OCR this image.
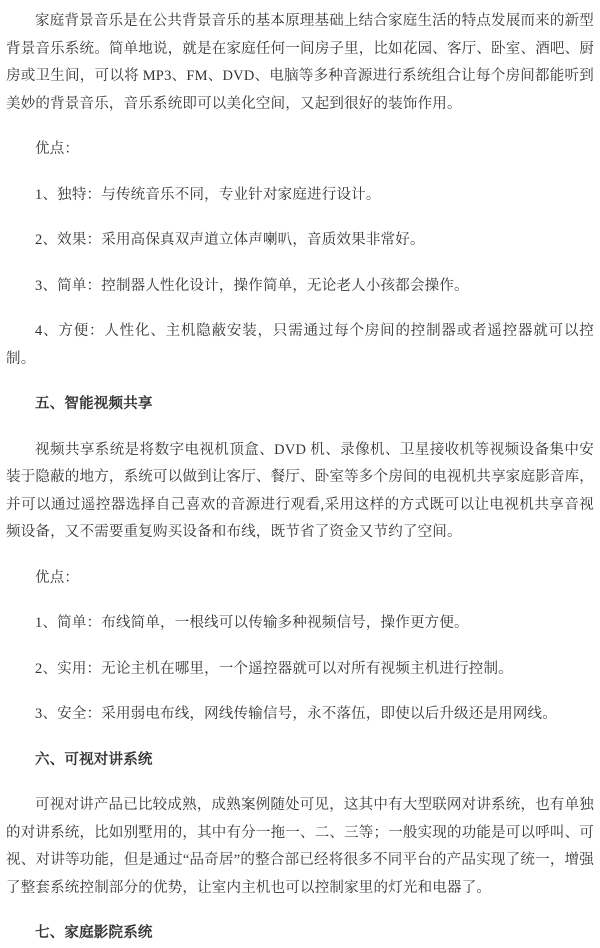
家庭背景音乐是在公共背景音乐的基本原理基础上结合家庭生活的特点发展而来的新型背景音乐系统。简单地说，就是在家庭任何一间房子里，比如花园、客厅、卧室、酒吧、厨房或卫生间，可以将 MP3、FM、DVD、电脑等多种音源进行系统组合让每个房间都能听到美妙的背景音乐，音乐系统即可以美化空间，又起到很好的装饰作用。

优点：

1、独特：与传统音乐不同，专业针对家庭进行设计。

2、效果：采用高保真双声道立体声喇叭，音质效果非常好。

3、简单：控制器人性化设计，操作简单，无论老人小孩都会操作。

4、方便：人性化、主机隐蔽安装，只需通过每个房间的控制器或者遥控器就可以控制。

五、智能视频共享

视频共享系统是将数字电视机顶盒、DVD 机、录像机、卫星接收机等视频设备集中安装于隐蔽的地方，系统可以做到让客厅、餐厅、卧室等多个房间的电视机共享家庭影音库，并可以通过遥控器选择自己喜欢的音源进行观看,采用这样的方式既可以让电视机共享音视频设备，又不需要重复购买设备和布线，既节省了资金又节约了空间。

优点：

1、简单：布线简单，一根线可以传输多种视频信号，操作更方便。

2、实用：无论主机在哪里，一个遥控器就可以对所有视频主机进行控制。

3、安全：采用弱电布线，网线传输信号，永不落伍，即使以后升级还是用网线。

六、可视对讲系统

可视对讲产品已比较成熟，成熟案例随处可见，这其中有大型联网对讲系统，也有单独的对讲系统，比如别墅用的，其中有分一拖一、二、三等；一般实现的功能是可以呼叫、可视、对讲等功能，但是通过“品奇居”的整合部已经将很多不同平台的产品实现了统一，增强了整套系统控制部分的优势，让室内主机也可以控制家里的灯光和电器了。

七、家庭影院系统
